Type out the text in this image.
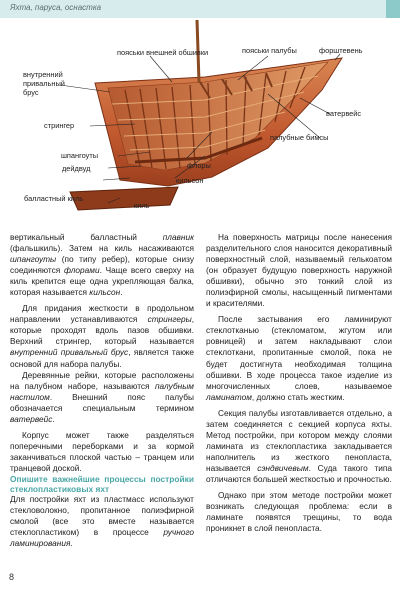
Яхта, паруса, оснастка
пояськи внешней обшивки	пояськи палубы	форштевень
внутренний
привальный
брус
ватервейс
стрингер
палубные бимсы
шпангоуты
флоры
дейдвуд
кильсон
балластный киль
киль

вертикальный балластный плавник (фальшкиль). Затем на киль насаживаются шпангоуты (по типу ребер), которые снизу соединяются флорами. Чаще всего сверху на киль крепится еще одна укрепляющая балка, которая называется кильсон.

Для придания жесткости в продольном направлении устанавливаются стрингеры, которые проходят вдоль пазов обшивки. Верхний стрингер, который называется внутренний привальный брус, является также основой для набора палубы.

Деревянные рейки, которые расположены на палубном наборе, называются палубным настилом. Внешний пояс палубы обозначается специальным термином ватервейс.

Корпус может также разделяться поперечными переборками и за кормой заканчиваться плоской частью – транцем или транцевой доской.

Опишите важнейшие процессы постройки стеклопластиковых яхт

Для постройки яхт из пластмасс используют стекловолокно, пропитанное полиэфирной смолой (все это вместе называется стеклопластиком) в процессе ручного ламинирования.

На поверхность матрицы после нанесения разделительного слоя наносится декоративный поверхностный слой, называемый гелькоатом (он образует будущую поверхность наружной обшивки), обычно это тонкий слой из полиэфирной смолы, насыщенный пигментами и красителями.

После застывания его ламинируют стеклотканью (стекломатом, жгутом или ровницей) и затем накладывают слои стеклоткани, пропитанные смолой, пока не будет достигнута необходимая толщина обшивки. В ходе процесса такое изделие из многочисленных слоев, называемое ламинатом, должно стать жестким.

Секция палубы изготавливается отдельно, а затем соединяется с секцией корпуса яхты. Метод постройки, при котором между слоями ламината из стеклопластика закладывается наполнитель из жесткого пенопласта, называется сэндвичевым. Суда такого типа отличаются большей жесткостью и прочностью.

Однако при этом методе постройки может возникать следующая проблема: если в ламинате появятся трещины, то вода проникнет в слой пенопласта.

8
